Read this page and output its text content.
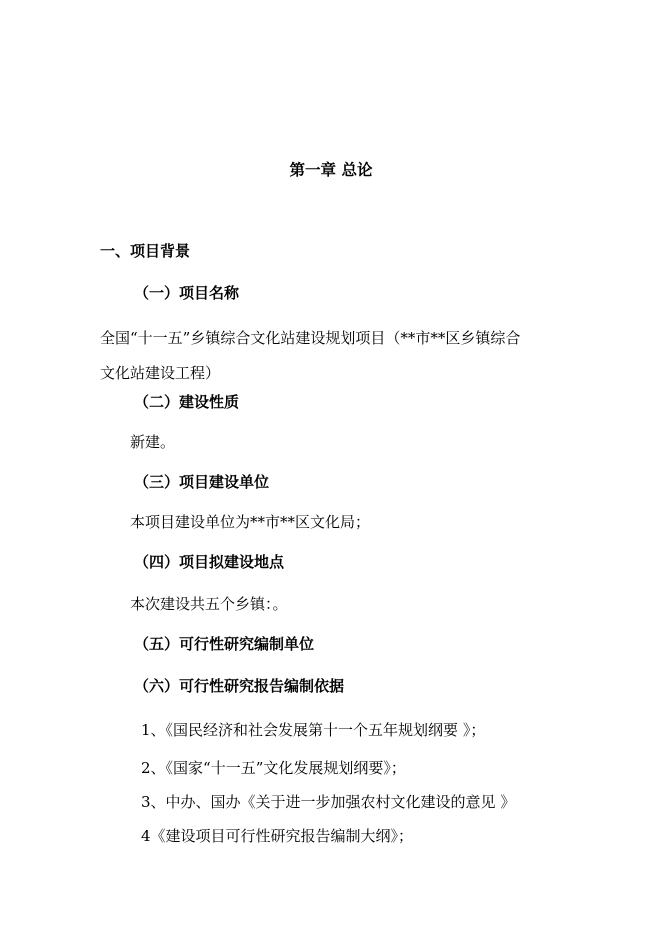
第一章 总论
一、项目背景
（一）项目名称
全国“十一五”乡镇综合文化站建设规划项目（**市**区乡镇综合
文化站建设工程）
（二）建设性质
新建。
（三）项目建设单位
本项目建设单位为**市**区文化局；
（四）项目拟建设地点
本次建设共五个乡镇：。
（五）可行性研究编制单位
（六）可行性研究报告编制依据
1、《国民经济和社会发展第十一个五年规划纲要 》；
2、《国家“十一五”文化发展规划纲要》；
3、中办、国办《关于进一步加强农村文化建设的意见 》
4《建设项目可行性研究报告编制大纲》；
